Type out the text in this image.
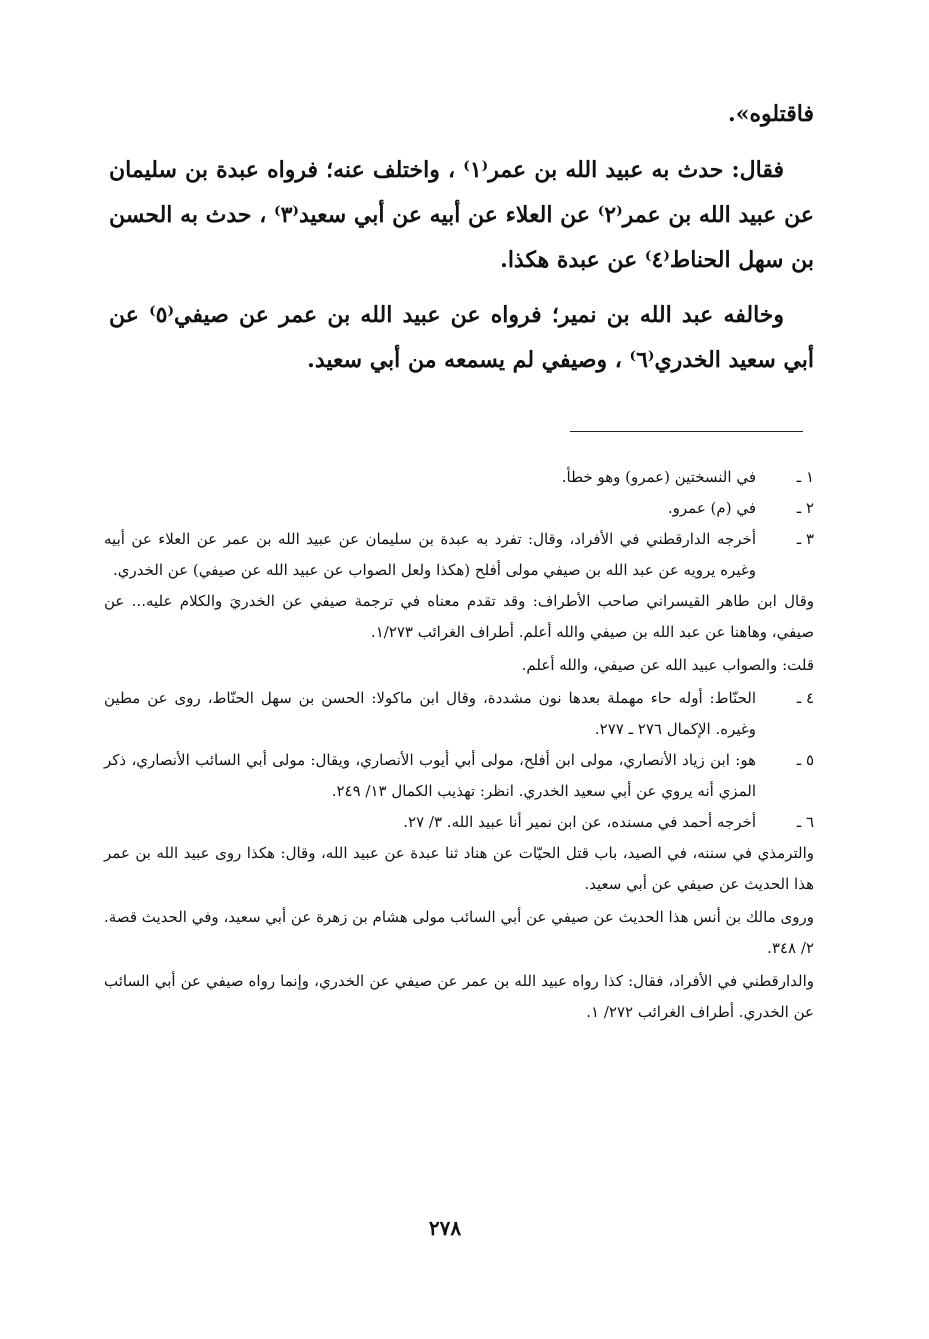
فاقتلوه».

فقال: حدث به عبيد الله بن عمر⁽١⁾ ، واختلف عنه؛ فرواه عبدة بن سليمان عن عبيد الله بن عمر⁽٢⁾ عن العلاء عن أبيه عن أبي سعيد⁽٣⁾ ، حدث به الحسن بن سهل الحناط⁽٤⁾ عن عبدة هكذا.

وخالفه عبد الله بن نمير؛ فرواه عن عبيد الله بن عمر عن صيفي⁽٥⁾ عن أبي سعيد الخدري⁽٦⁾ ، وصيفي لم يسمعه من أبي سعيد.

١ ـ
في النسختين (عمرو) وهو خطأ.
٢ ـ
في (م) عمرو.
٣ ـ
أخرجه الدارقطني في الأفراد، وقال: تفرد به عبدة بن سليمان عن عبيد الله بن عمر عن العلاء عن أبيه وغيره يرويه عن عبد الله بن صيفي مولى أفلح (هكذا ولعل الصواب عن عبيد الله عن صيفي) عن الخدري.
وقال ابن طاهر القيسراني صاحب الأطراف: وقد تقدم معناه في ترجمة صيفي عن الخدريَ والكلام عليه... عن صيفي، وهاهنا عن عبد الله بن صيفي والله أعلم. أطراف الغرائب ١/٢٧٣.
قلت: والصواب عبيد الله عن صيفي، والله أعلم.
٤ ـ
الحنّاط: أوله حاء مهملة بعدها نون مشددة، وقال ابن ماكولا: الحسن بن سهل الحنّاط، روى عن مطين وغيره. الإكمال ٢٧٦ ـ ٢٧٧.
٥ ـ
هو: ابن زياد الأنصاري، مولى ابن أفلح، مولى أبي أيوب الأنصاري، ويقال: مولى أبي السائب الأنصاري، ذكر المزي أنه يروي عن أبي سعيد الخدري. انظر: تهذيب الكمال ١٣/ ٢٤٩.
٦ ـ
أخرجه أحمد في مسنده، عن ابن نمير أنا عبيد الله. ٣/ ٢٧.
والترمذي في سننه، في الصيد، باب قتل الحيّات عن هناد ثنا عبدة عن عبيد الله، وقال: هكذا روى عبيد الله بن عمر هذا الحديث عن صيفي عن أبي سعيد.
وروى مالك بن أنس هذا الحديث عن صيفي عن أبي السائب مولى هشام بن زهرة عن أبي سعيد، وفي الحديث قصة. ٢/ ٣٤٨.
والدارقطني في الأفراد، فقال: كذا رواه عبيد الله بن عمر عن صيفي عن الخدري، وإنما رواه صيفي عن أبي السائب عن الخدري. أطراف الغرائب ٢٧٢/ ١.
٢٧٨
